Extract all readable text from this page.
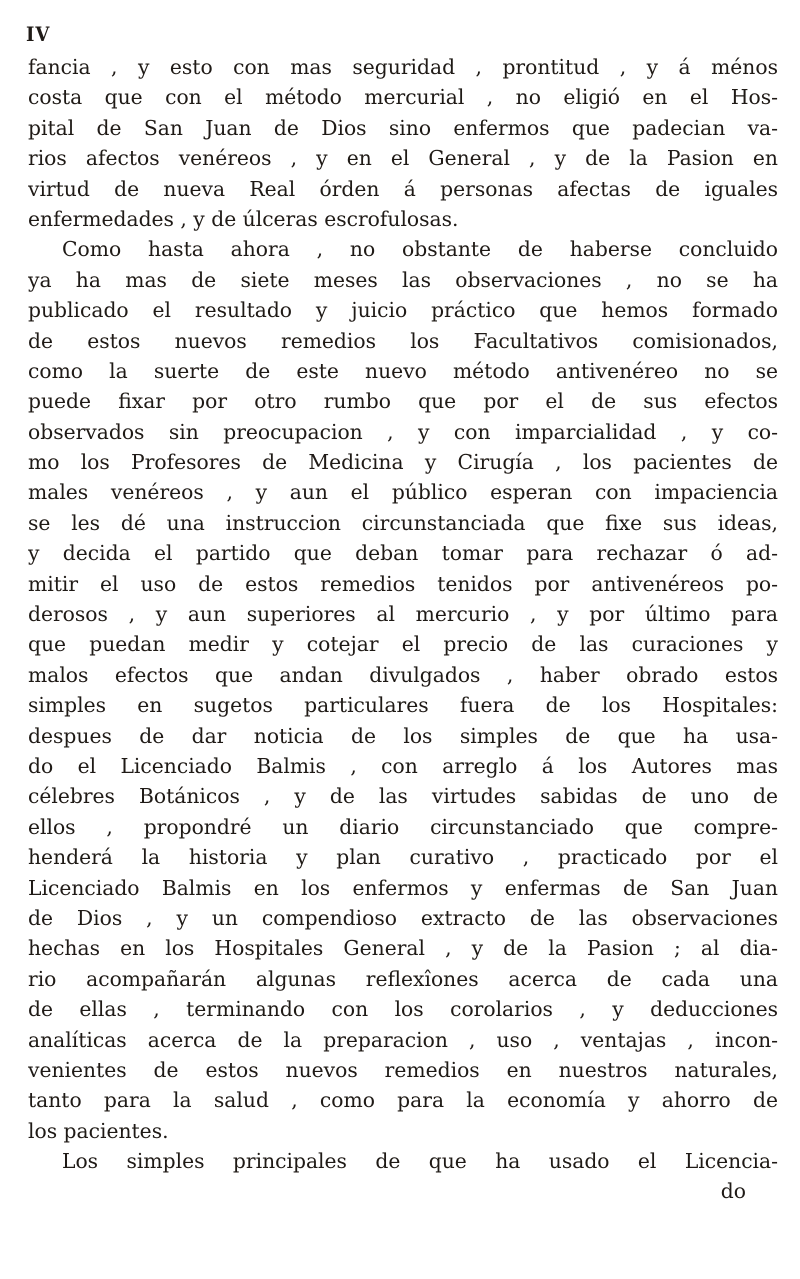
IV
fancia , y esto con mas seguridad , prontitud , y á ménos
costa que con el método mercurial , no eligió en el Hos-
pital de San Juan de Dios sino enfermos que padecian va-
rios afectos venéreos , y en el General , y de la Pasion en
virtud de nueva Real órden á personas afectas de iguales
enfermedades , y de úlceras escrofulosas.
Como hasta ahora , no obstante de haberse concluido
ya ha mas de siete meses las observaciones , no se ha
publicado el resultado y juicio práctico que hemos formado
de estos nuevos remedios los Facultativos comisionados,
como la suerte de este nuevo método antivenéreo no se
puede fixar por otro rumbo que por el de sus efectos
observados sin preocupacion , y con imparcialidad , y co-
mo los Profesores de Medicina y Cirugía , los pacientes de
males venéreos , y aun el público esperan con impaciencia
se les dé una instruccion circunstanciada que fixe sus ideas,
y decida el partido que deban tomar para rechazar ó ad-
mitir el uso de estos remedios tenidos por antivenéreos po-
derosos , y aun superiores al mercurio , y por último para
que puedan medir y cotejar el precio de las curaciones y
malos efectos que andan divulgados , haber obrado estos
simples en sugetos particulares fuera de los Hospitales:
despues de dar noticia de los simples de que ha usa-
do el Licenciado Balmis , con arreglo á los Autores mas
célebres Botánicos , y de las virtudes sabidas de uno de
ellos , propondré un diario circunstanciado que compre-
henderá la historia y plan curativo , practicado por el
Licenciado Balmis en los enfermos y enfermas de San Juan
de Dios , y un compendioso extracto de las observaciones
hechas en los Hospitales General , y de la Pasion ; al dia-
rio acompañarán algunas reflexîones acerca de cada una
de ellas , terminando con los corolarios , y deducciones
analíticas acerca de la preparacion , uso , ventajas , incon-
venientes de estos nuevos remedios en nuestros naturales,
tanto para la salud , como para la economía y ahorro de
los pacientes.
Los simples principales de que ha usado el Licencia-
do
